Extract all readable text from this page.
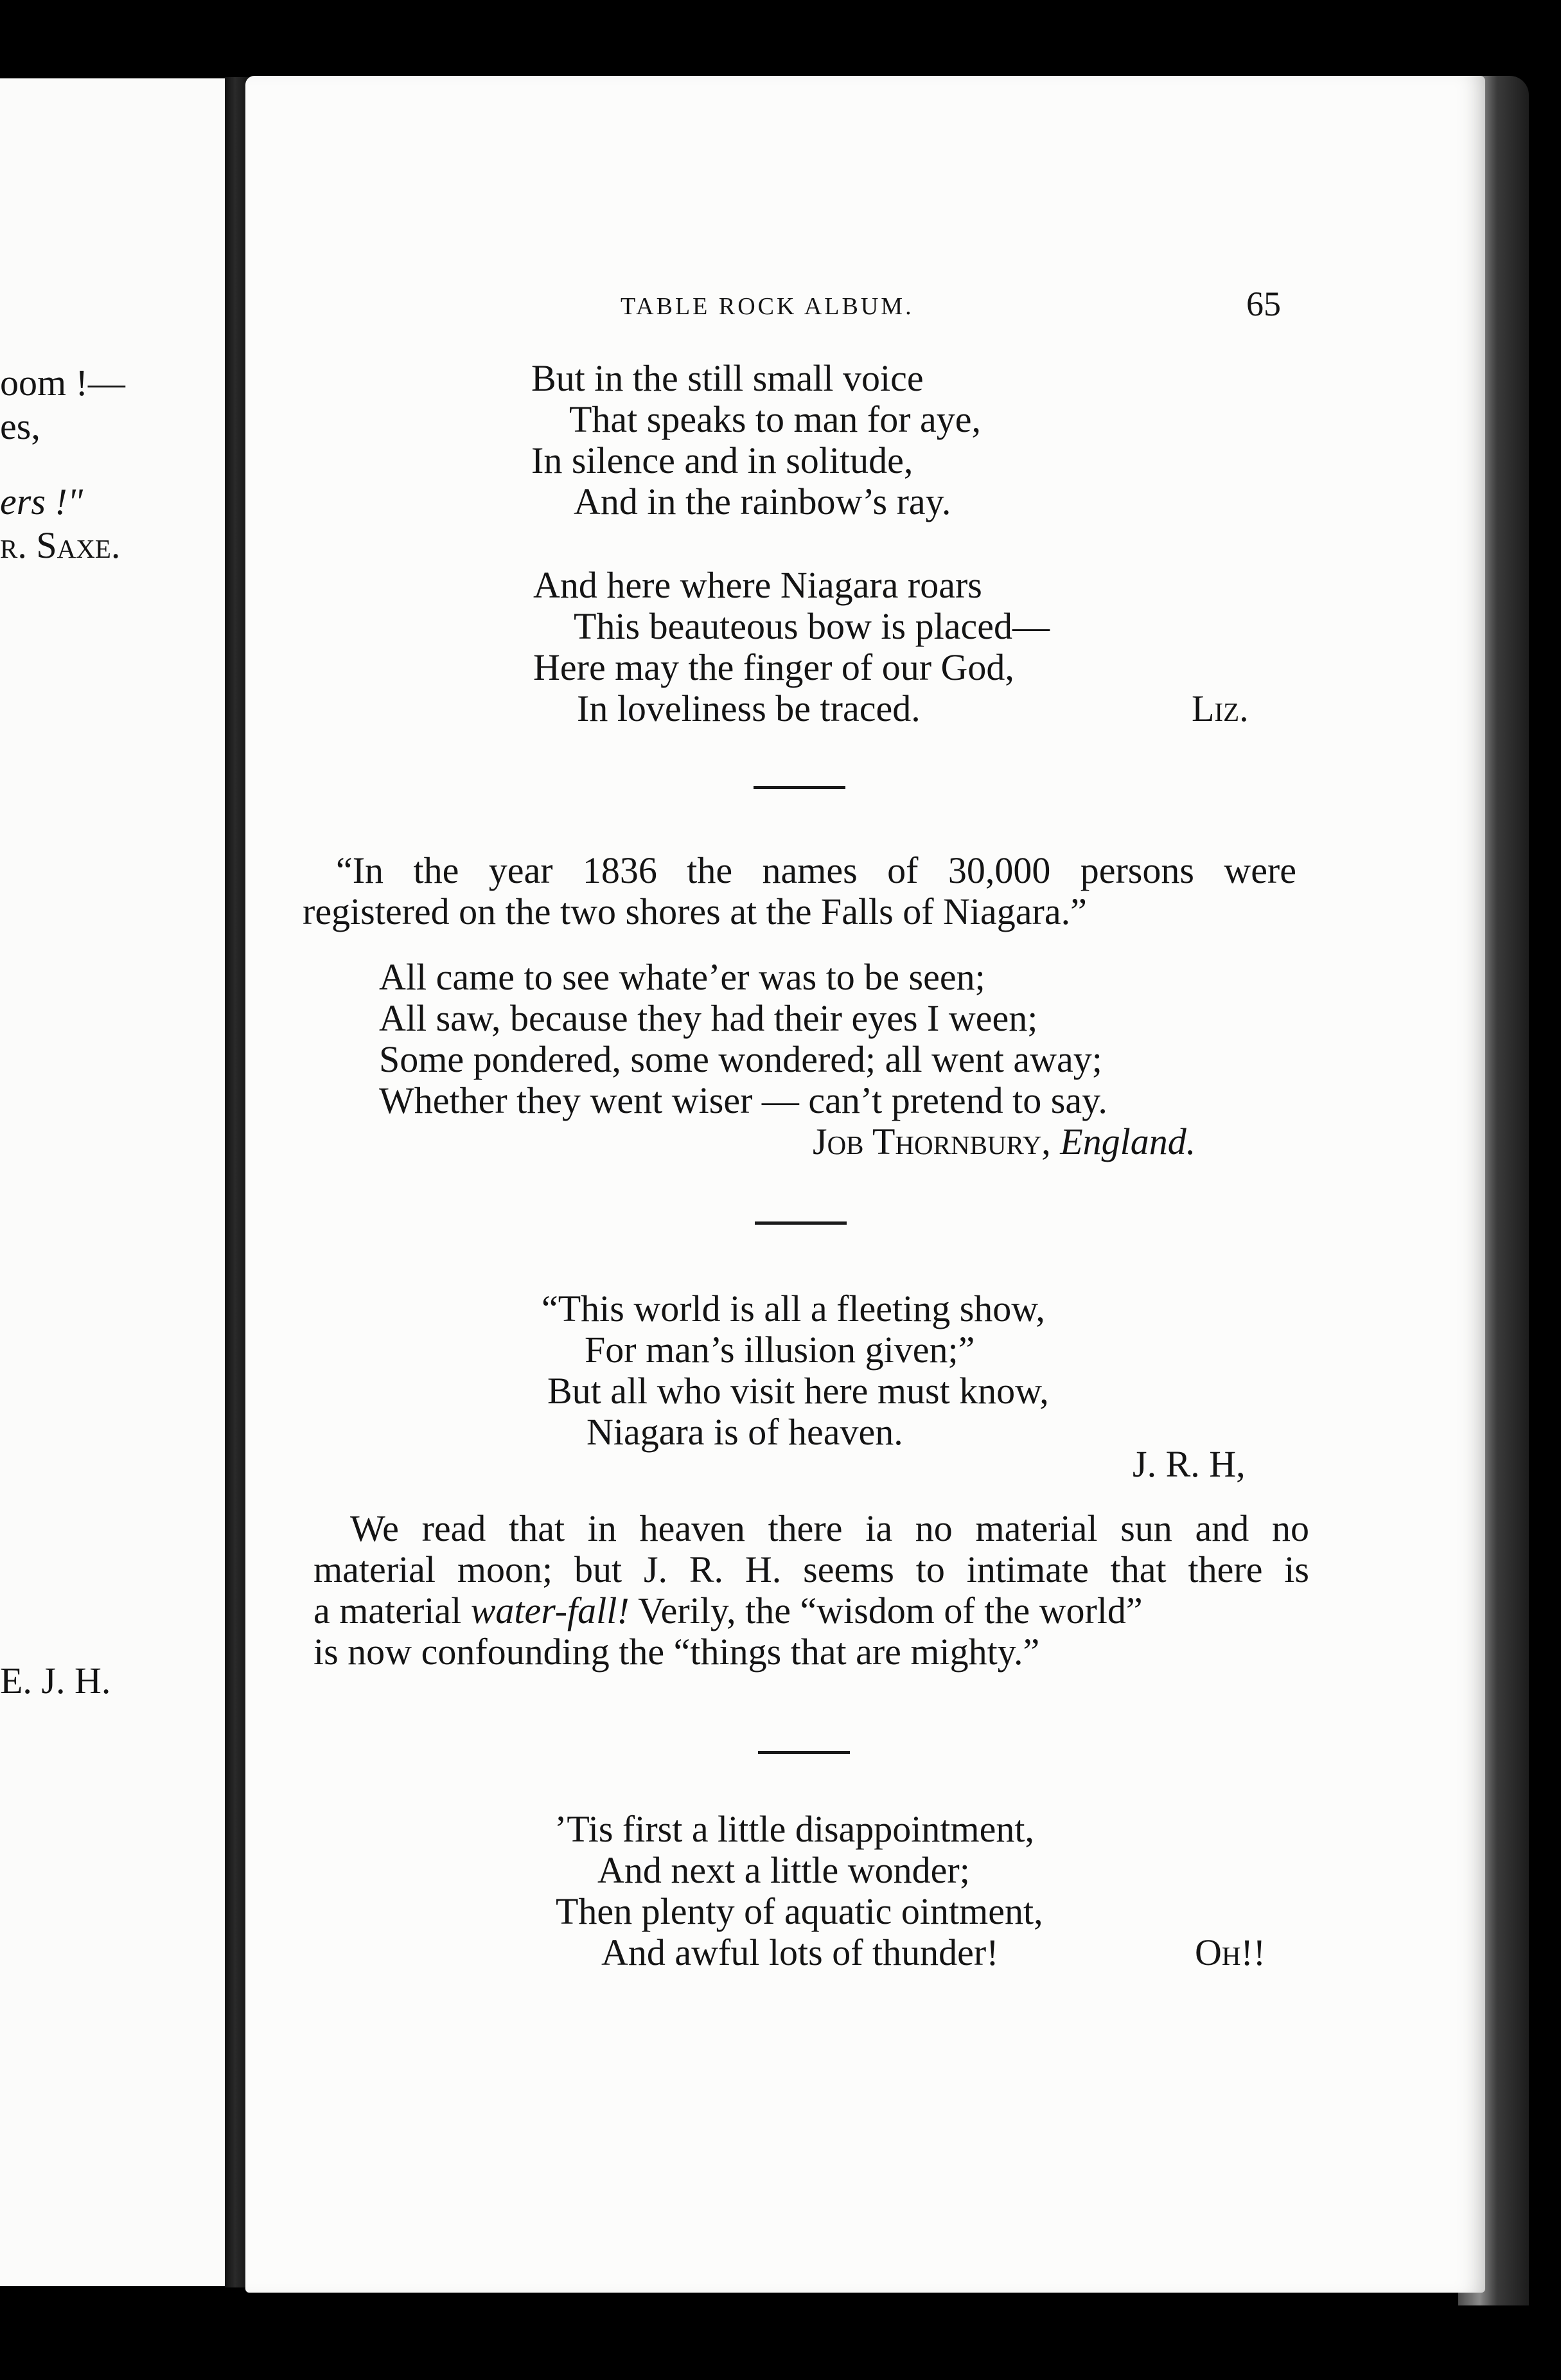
oom !—
es,
ers !"
r. Saxe.
E. J. H.
TABLE ROCK ALBUM.	65
But in the still small voice
That speaks to man for aye,
In silence and in solitude,
And in the rainbow’s ray.
And here where Niagara roars
This beauteous bow is placed—
Here may the finger of our God,
In loveliness be traced.	Liz.
“In the year 1836 the names of 30,000 persons were
registered on the two shores at the Falls of Niagara.”
All came to see whate’er was to be seen;
All saw, because they had their eyes I ween;
Some pondered, some wondered; all went away;
Whether they went wiser — can’t pretend to say.
Job Thornbury, England.
“This world is all a fleeting show,
For man’s illusion given;”
But all who visit here must know,
Niagara is of heaven.
J. R. H,
We read that in heaven there ia no material sun and no
material moon; but J. R. H. seems to intimate that there is
a material water-fall! Verily, the “wisdom of the world”
is now confounding the “things that are mighty.”
’Tis first a little disappointment,
And next a little wonder;
Then plenty of aquatic ointment,
And awful lots of thunder!	Oh!!
